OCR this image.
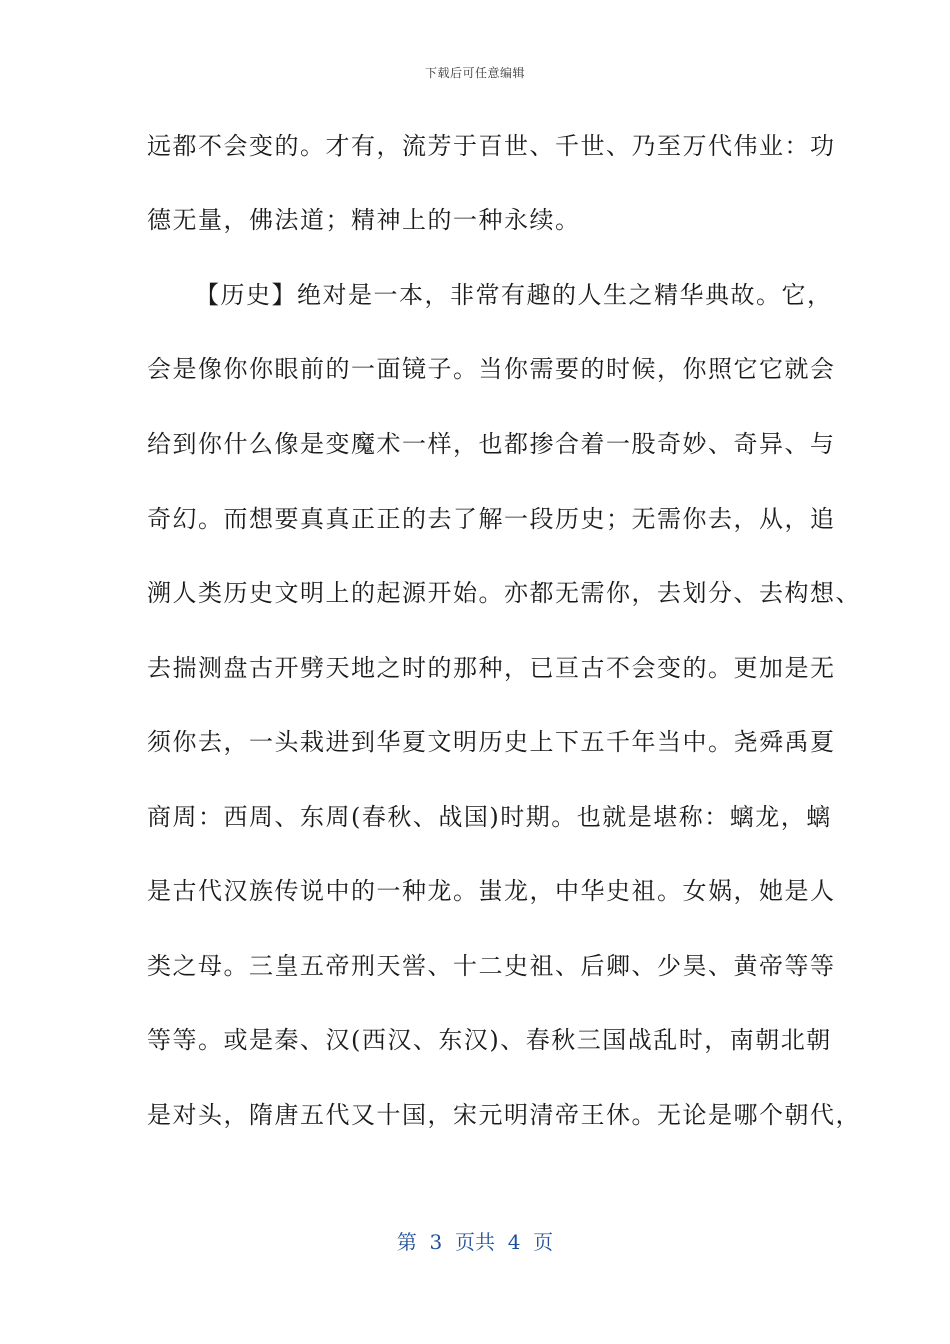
下载后可任意编辑
远都不会变的。才有，流芳于百世、千世、乃至万代伟业：功
德无量，佛法道；精神上的一种永续。
【历史】绝对是一本，非常有趣的人生之精华典故。它，
会是像你你眼前的一面镜子。当你需要的时候，你照它它就会
给到你什么像是变魔术一样，也都掺合着一股奇妙、奇异、与
奇幻。而想要真真正正的去了解一段历史；无需你去，从，追
溯人类历史文明上的起源开始。亦都无需你，去划分、去构想、
去揣测盘古开劈天地之时的那种，已亘古不会变的。更加是无
须你去，一头栽进到华夏文明历史上下五千年当中。尧舜禹夏
商周：西周、东周(春秋、战国)时期。也就是堪称：螭龙，螭
是古代汉族传说中的一种龙。蚩龙，中华史祖。女娲，她是人
类之母。三皇五帝刑天喾、十二史祖、后卿、少昊、黄帝等等
等等。或是秦、汉(西汉、东汉)、春秋三国战乱时，南朝北朝
是对头，隋唐五代又十国，宋元明清帝王休。无论是哪个朝代，
第  3  页共  4  页
